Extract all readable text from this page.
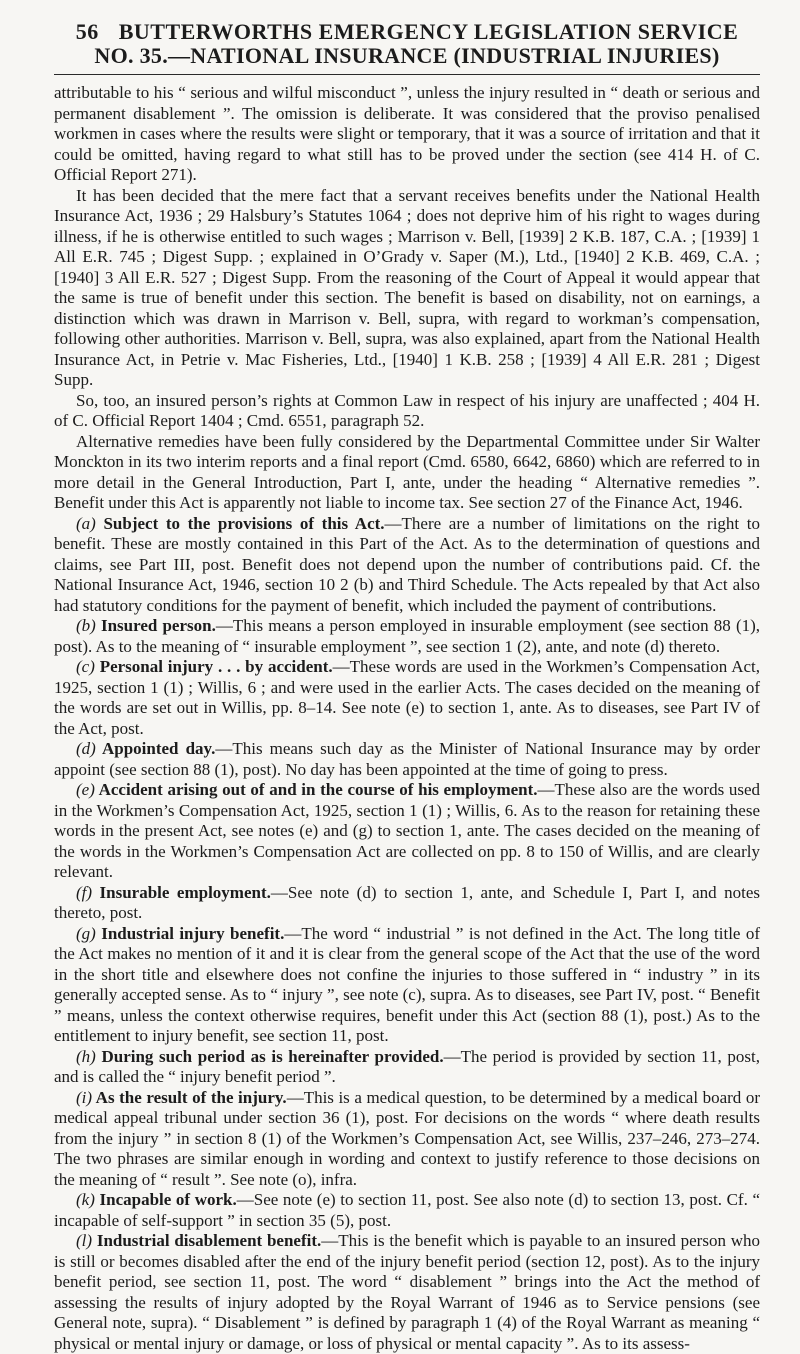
56 BUTTERWORTHS EMERGENCY LEGISLATION SERVICE
NO. 35.—NATIONAL INSURANCE (INDUSTRIAL INJURIES)

attributable to his “ serious and wilful misconduct ”, unless the injury resulted in “ death or serious and permanent disablement ”. The omission is deliberate. It was considered that the proviso penalised workmen in cases where the results were slight or temporary, that it was a source of irritation and that it could be omitted, having regard to what still has to be proved under the section (see 414 H. of C. Official Report 271).

It has been decided that the mere fact that a servant receives benefits under the National Health Insurance Act, 1936 ; 29 Halsbury’s Statutes 1064 ; does not deprive him of his right to wages during illness, if he is otherwise entitled to such wages ; Marrison v. Bell, [1939] 2 K.B. 187, C.A. ; [1939] 1 All E.R. 745 ; Digest Supp. ; explained in O’Grady v. Saper (M.), Ltd., [1940] 2 K.B. 469, C.A. ; [1940] 3 All E.R. 527 ; Digest Supp. From the reasoning of the Court of Appeal it would appear that the same is true of benefit under this section. The benefit is based on disability, not on earnings, a distinction which was drawn in Marrison v. Bell, supra, with regard to workman’s compensation, following other authorities. Marrison v. Bell, supra, was also explained, apart from the National Health Insurance Act, in Petrie v. Mac Fisheries, Ltd., [1940] 1 K.B. 258 ; [1939] 4 All E.R. 281 ; Digest Supp.

So, too, an insured person’s rights at Common Law in respect of his injury are unaffected ; 404 H. of C. Official Report 1404 ; Cmd. 6551, paragraph 52.

Alternative remedies have been fully considered by the Departmental Committee under Sir Walter Monckton in its two interim reports and a final report (Cmd. 6580, 6642, 6860) which are referred to in more detail in the General Introduction, Part I, ante, under the heading “ Alternative remedies ”. Benefit under this Act is apparently not liable to income tax. See section 27 of the Finance Act, 1946.

(a) Subject to the provisions of this Act.—There are a number of limitations on the right to benefit. These are mostly contained in this Part of the Act. As to the determination of questions and claims, see Part III, post. Benefit does not depend upon the number of contributions paid. Cf. the National Insurance Act, 1946, section 10 2 (b) and Third Schedule. The Acts repealed by that Act also had statutory conditions for the payment of benefit, which included the payment of contributions.

(b) Insured person.—This means a person employed in insurable employment (see section 88 (1), post). As to the meaning of “ insurable employment ”, see section 1 (2), ante, and note (d) thereto.

(c) Personal injury . . . by accident.—These words are used in the Workmen’s Compensation Act, 1925, section 1 (1) ; Willis, 6 ; and were used in the earlier Acts. The cases decided on the meaning of the words are set out in Willis, pp. 8–14. See note (e) to section 1, ante. As to diseases, see Part IV of the Act, post.

(d) Appointed day.—This means such day as the Minister of National Insurance may by order appoint (see section 88 (1), post). No day has been appointed at the time of going to press.

(e) Accident arising out of and in the course of his employment.—These also are the words used in the Workmen’s Compensation Act, 1925, section 1 (1) ; Willis, 6. As to the reason for retaining these words in the present Act, see notes (e) and (g) to section 1, ante. The cases decided on the meaning of the words in the Workmen’s Compensation Act are collected on pp. 8 to 150 of Willis, and are clearly relevant.

(f) Insurable employment.—See note (d) to section 1, ante, and Schedule I, Part I, and notes thereto, post.

(g) Industrial injury benefit.—The word “ industrial ” is not defined in the Act. The long title of the Act makes no mention of it and it is clear from the general scope of the Act that the use of the word in the short title and elsewhere does not confine the injuries to those suffered in “ industry ” in its generally accepted sense. As to “ injury ”, see note (c), supra. As to diseases, see Part IV, post. “ Benefit ” means, unless the context otherwise requires, benefit under this Act (section 88 (1), post.) As to the entitlement to injury benefit, see section 11, post.

(h) During such period as is hereinafter provided.—The period is provided by section 11, post, and is called the “ injury benefit period ”.

(i) As the result of the injury.—This is a medical question, to be determined by a medical board or medical appeal tribunal under section 36 (1), post. For decisions on the words “ where death results from the injury ” in section 8 (1) of the Workmen’s Compensation Act, see Willis, 237–246, 273–274. The two phrases are similar enough in wording and context to justify reference to those decisions on the meaning of “ result ”. See note (o), infra.

(k) Incapable of work.—See note (e) to section 11, post. See also note (d) to section 13, post. Cf. “ incapable of self-support ” in section 35 (5), post.

(l) Industrial disablement benefit.—This is the benefit which is payable to an insured person who is still or becomes disabled after the end of the injury benefit period (section 12, post). As to the injury benefit period, see section 11, post. The word “ disablement ” brings into the Act the method of assessing the results of injury adopted by the Royal Warrant of 1946 as to Service pensions (see General note, supra). “ Disablement ” is defined by paragraph 1 (4) of the Royal Warrant as meaning “ physical or mental injury or damage, or loss of physical or mental capacity ”. As to its assess-
